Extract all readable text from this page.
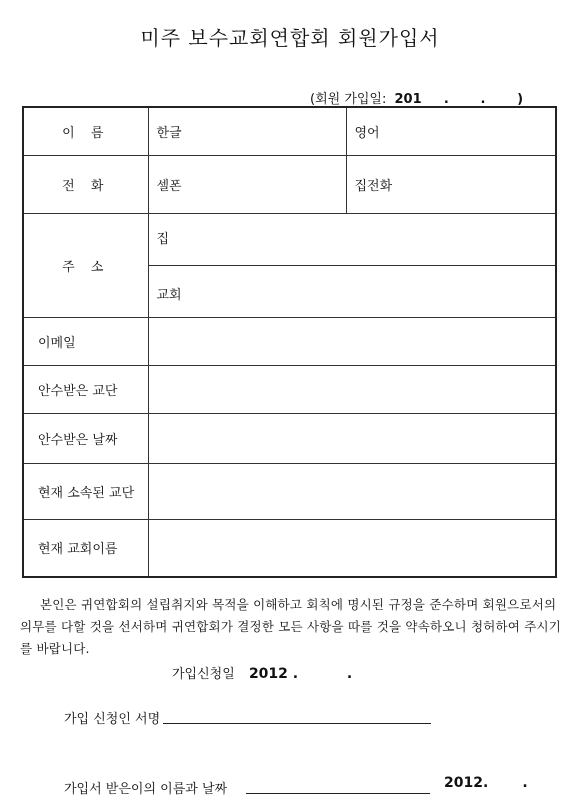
미주 보수교회연합회 회원가입서
(회원 가입일: 201     .       .       )
이 름	한글	영어
전 화	셀폰	집전화
주 소	집	
	교회	
이메일		
안수받은 교단		
안수받은 날짜		
현재 소속된 교단		
현재 교회이름		
본인은 귀연합회의 설립취지와 목적을 이해하고 회칙에 명시된 규정을 준수하며 회원으로서의 의무를 다할 것을 선서하며 귀연합회가 결정한 모든 사항을 따를 것을 약속하오니 청허하여 주시기를 바랍니다.
가입신청일 2012 .          .
가입 신청인 서명
가입서 받은이의 이름과 날짜	2012.       .
